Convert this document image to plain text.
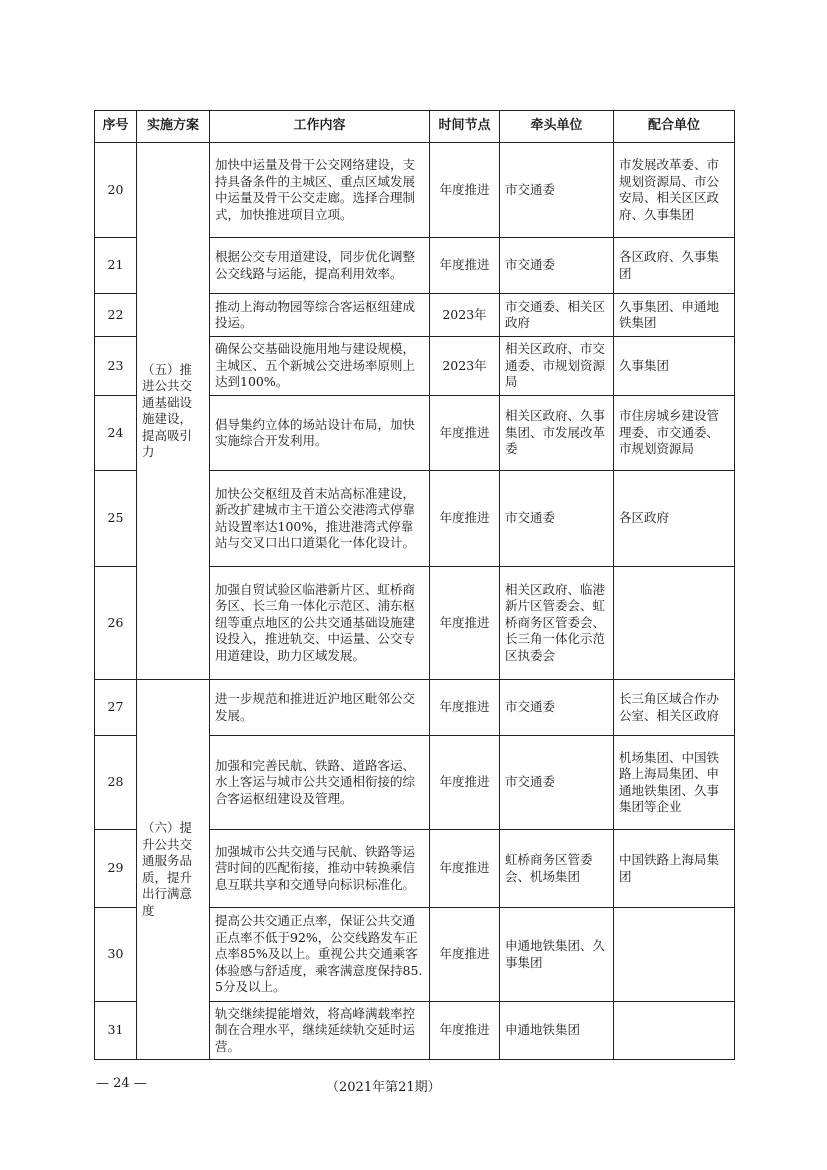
序号	实施方案	工作内容	时间节点	牵头单位	配合单位
20	（五）推进公共交通基础设施建设，提高吸引力	加快中运量及骨干公交网络建设，支持具备条件的主城区、重点区域发展中运量及骨干公交走廊。选择合理制式，加快推进项目立项。	年度推进	市交通委	市发展改革委、市规划资源局、市公安局、相关区区政府、久事集团
21		根据公交专用道建设，同步优化调整公交线路与运能，提高利用效率。	年度推进	市交通委	各区政府、久事集团
22		推动上海动物园等综合客运枢纽建成投运。	2023年	市交通委、相关区政府	久事集团、申通地铁集团
23		确保公交基础设施用地与建设规模，主城区、五个新城公交进场率原则上达到100%。	2023年	相关区政府、市交通委、市规划资源局	久事集团
24		倡导集约立体的场站设计布局，加快实施综合开发利用。	年度推进	相关区政府、久事集团、市发展改革委	市住房城乡建设管理委、市交通委、市规划资源局
25		加快公交枢纽及首末站高标准建设，新改扩建城市主干道公交港湾式停靠站设置率达100%，推进港湾式停靠站与交叉口出口道渠化一体化设计。	年度推进	市交通委	各区政府
26		加强自贸试验区临港新片区、虹桥商务区、长三角一体化示范区、浦东枢纽等重点地区的公共交通基础设施建设投入，推进轨交、中运量、公交专用道建设，助力区域发展。	年度推进	相关区政府、临港新片区管委会、虹桥商务区管委会、长三角一体化示范区执委会	
27	（六）提升公共交通服务品质，提升出行满意度	进一步规范和推进近沪地区毗邻公交发展。	年度推进	市交通委	长三角区域合作办公室、相关区政府
28		加强和完善民航、铁路、道路客运、水上客运与城市公共交通相衔接的综合客运枢纽建设及管理。	年度推进	市交通委	机场集团、中国铁路上海局集团、申通地铁集团、久事集团等企业
29		加强城市公共交通与民航、铁路等运营时间的匹配衔接，推动中转换乘信息互联共享和交通导向标识标准化。	年度推进	虹桥商务区管委会、机场集团	中国铁路上海局集团
30		提高公共交通正点率，保证公共交通正点率不低于92%，公交线路发车正点率85%及以上。重视公共交通乘客体验感与舒适度，乘客满意度保持85.5分及以上。	年度推进	申通地铁集团、久事集团	
31		轨交继续提能增效，将高峰满载率控制在合理水平，继续延续轨交延时运营。	年度推进	申通地铁集团	
— 24 —	（2021年第21期）
